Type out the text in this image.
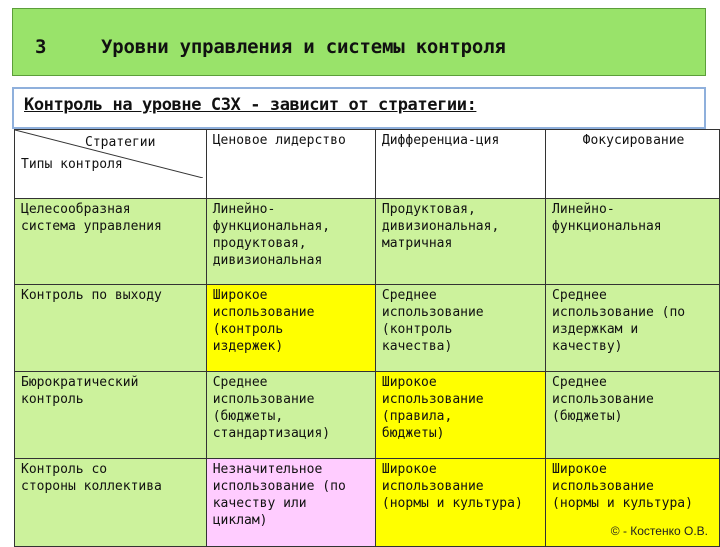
3	Уровни управления и системы контроля
Контроль на уровне СЗХ - зависит от стратегии:

Стратегии

Типы контроля	Ценовое лидерство	Дифференциа-ция	Фокусирование
Целесообразная
система управления	Линейно-
функциональная,
продуктовая,
дивизиональная	Продуктовая,
дивизиональная,
матричная	Линейно-
функциональная
Контроль по выходу	Широкое
использование
(контроль
издержек)	Среднее
использование
(контроль
качества)	Среднее
использование (по
издержкам и
качеству)
Бюрократический
контроль	Среднее
использование
(бюджеты,
стандартизация)	Широкое
использование
(правила,
бюджеты)	Среднее
использование
(бюджеты)
Контроль со
стороны коллектива	Незначительное
использование (по
качеству или
циклам)	Широкое
использование
(нормы и культура)	Широкое
использование
(нормы и культура)
© - Костенко О.В.
